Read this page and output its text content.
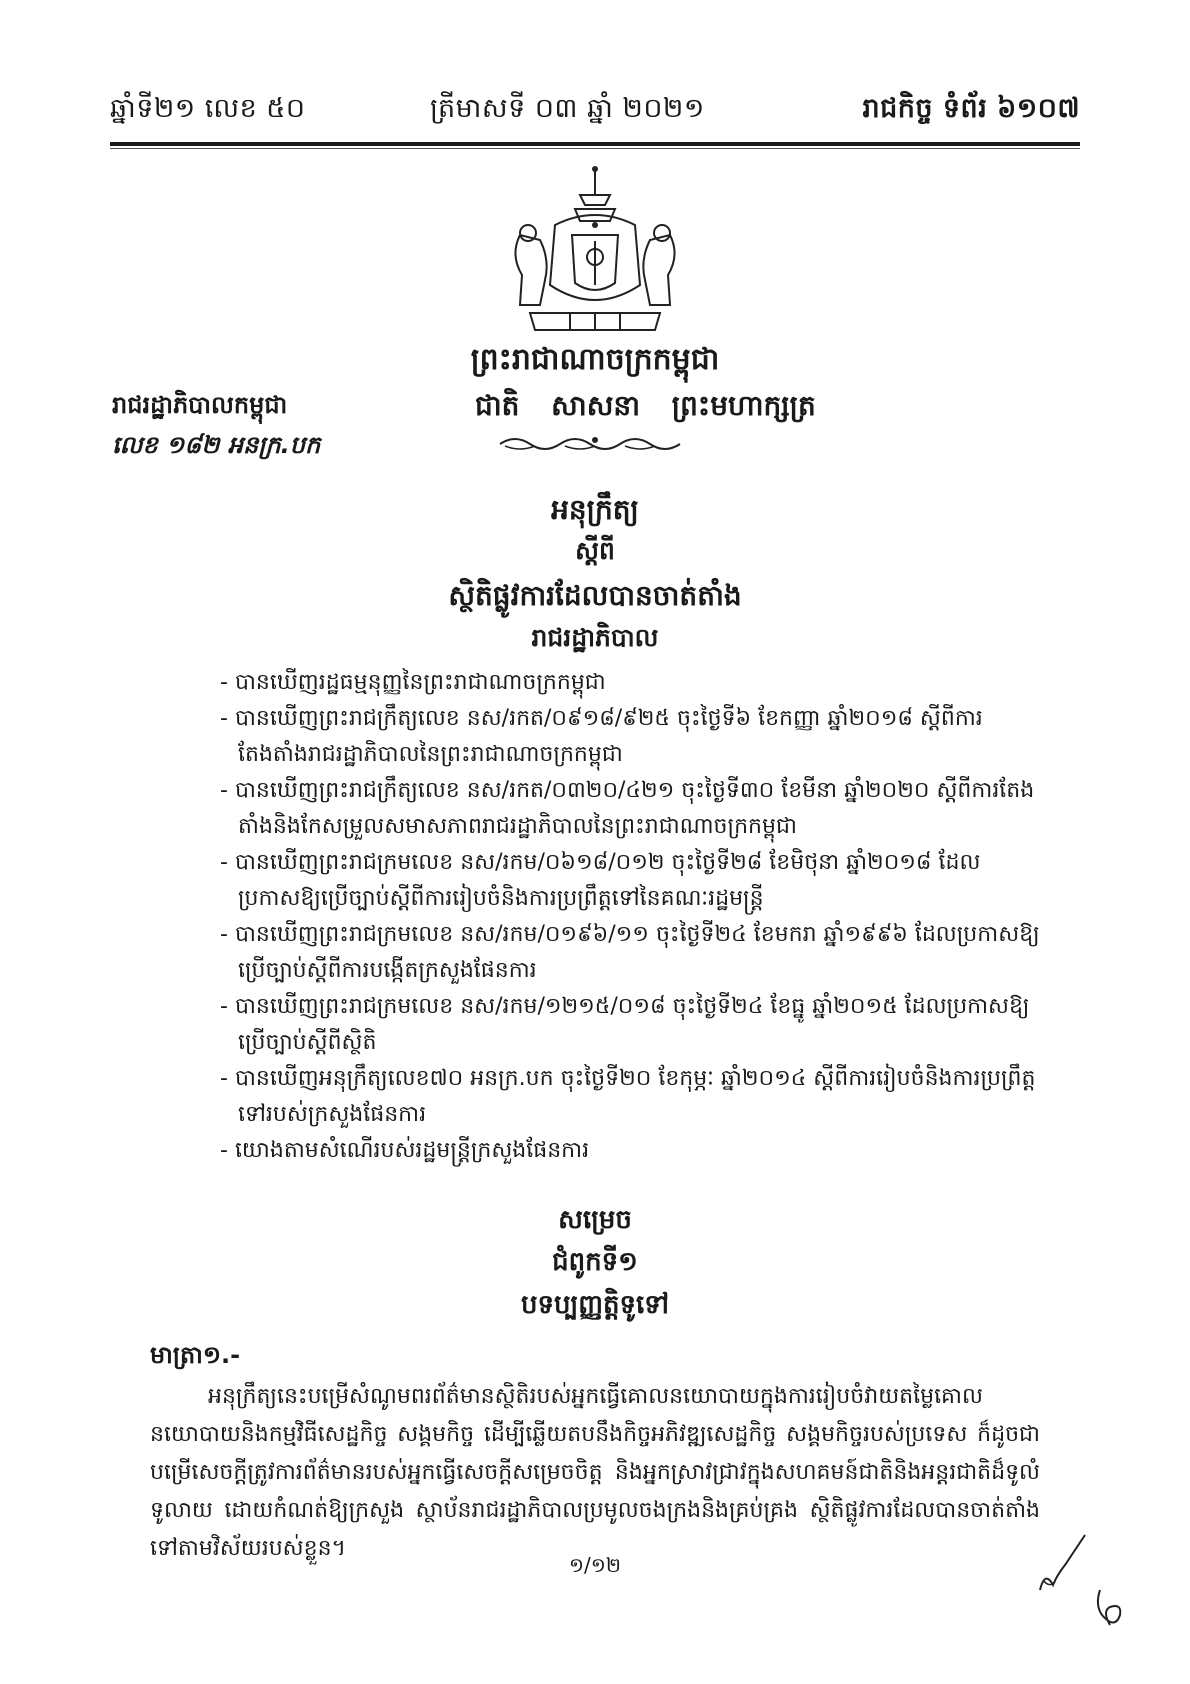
ឆ្នាំទី២១ លេខ ៥០	ត្រីមាសទី ០៣ ឆ្នាំ ២០២១	រាជកិច្ច ទំព័រ ៦១០៧
ព្រះរាជាណាចក្រកម្ពុជា
រាជរដ្ឋាភិបាលកម្ពុជា	ជាតិ សាសនា ព្រះមហាក្សត្រ
លេខ ១៨២ អនក្រ.បក
អនុក្រឹត្យ
ស្តីពី
ស្ថិតិផ្លូវការដែលបានចាត់តាំង
រាជរដ្ឋាភិបាល
- បានឃើញរដ្ឋធម្មនុញ្ញនៃព្រះរាជាណាចក្រកម្ពុជា
- បានឃើញព្រះរាជក្រឹត្យលេខ នស/រកត/០៩១៨/៩២៥ ចុះថ្ងៃទី៦ ខែកញ្ញា ឆ្នាំ២០១៨ ស្តីពីការតែងតាំងរាជរដ្ឋាភិបាលនៃព្រះរាជាណាចក្រកម្ពុជា
- បានឃើញព្រះរាជក្រឹត្យលេខ នស/រកត/០៣២០/៤២១ ចុះថ្ងៃទី៣០ ខែមីនា ឆ្នាំ២០២០ ស្តីពីការតែងតាំងនិងកែសម្រួលសមាសភាពរាជរដ្ឋាភិបាលនៃព្រះរាជាណាចក្រកម្ពុជា
- បានឃើញព្រះរាជក្រមលេខ នស/រកម/០៦១៨/០១២ ចុះថ្ងៃទី២៨ ខែមិថុនា ឆ្នាំ២០១៨ ដែលប្រកាសឱ្យប្រើច្បាប់ស្តីពីការរៀបចំនិងការប្រព្រឹត្តទៅនៃគណៈរដ្ឋមន្ត្រី
- បានឃើញព្រះរាជក្រមលេខ នស/រកម/០១៩៦/១១ ចុះថ្ងៃទី២៤ ខែមករា ឆ្នាំ១៩៩៦ ដែលប្រកាសឱ្យប្រើច្បាប់ស្តីពីការបង្កើតក្រសួងផែនការ
- បានឃើញព្រះរាជក្រមលេខ នស/រកម/១២១៥/០១៨ ចុះថ្ងៃទី២៤ ខែធ្នូ ឆ្នាំ២០១៥ ដែលប្រកាសឱ្យប្រើច្បាប់ស្តីពីស្ថិតិ
- បានឃើញអនុក្រឹត្យលេខ៧០ អនក្រ.បក ចុះថ្ងៃទី២០ ខែកុម្ភៈ ឆ្នាំ២០១៤ ស្តីពីការរៀបចំនិងការប្រព្រឹត្តទៅរបស់ក្រសួងផែនការ
- យោងតាមសំណើរបស់រដ្ឋមន្ត្រីក្រសួងផែនការ
សម្រេច
ជំពូកទី១
បទប្បញ្ញត្តិទូទៅ
មាត្រា១.-
អនុក្រឹត្យនេះបម្រើសំណូមពរព័ត៌មានស្ថិតិរបស់អ្នកធ្វើគោលនយោបាយក្នុងការរៀបចំវាយតម្លៃគោលនយោបាយនិងកម្មវិធីសេដ្ឋកិច្ច សង្គមកិច្ច ដើម្បីឆ្លើយតបនឹងកិច្ចអភិវឌ្ឍសេដ្ឋកិច្ច សង្គមកិច្ចរបស់ប្រទេស ក៏ដូចជាបម្រើសេចក្តីត្រូវការព័ត៌មានរបស់អ្នកធ្វើសេចក្តីសម្រេចចិត្ត និងអ្នកស្រាវជ្រាវក្នុងសហគមន៍ជាតិនិងអន្តរជាតិដ៏ទូលំទូលាយ ដោយកំណត់ឱ្យក្រសួង ស្ថាប័នរាជរដ្ឋាភិបាលប្រមូលចងក្រងនិងគ្រប់គ្រង ស្ថិតិផ្លូវការដែលបានចាត់តាំងទៅតាមវិស័យរបស់ខ្លួន។
១/១២
